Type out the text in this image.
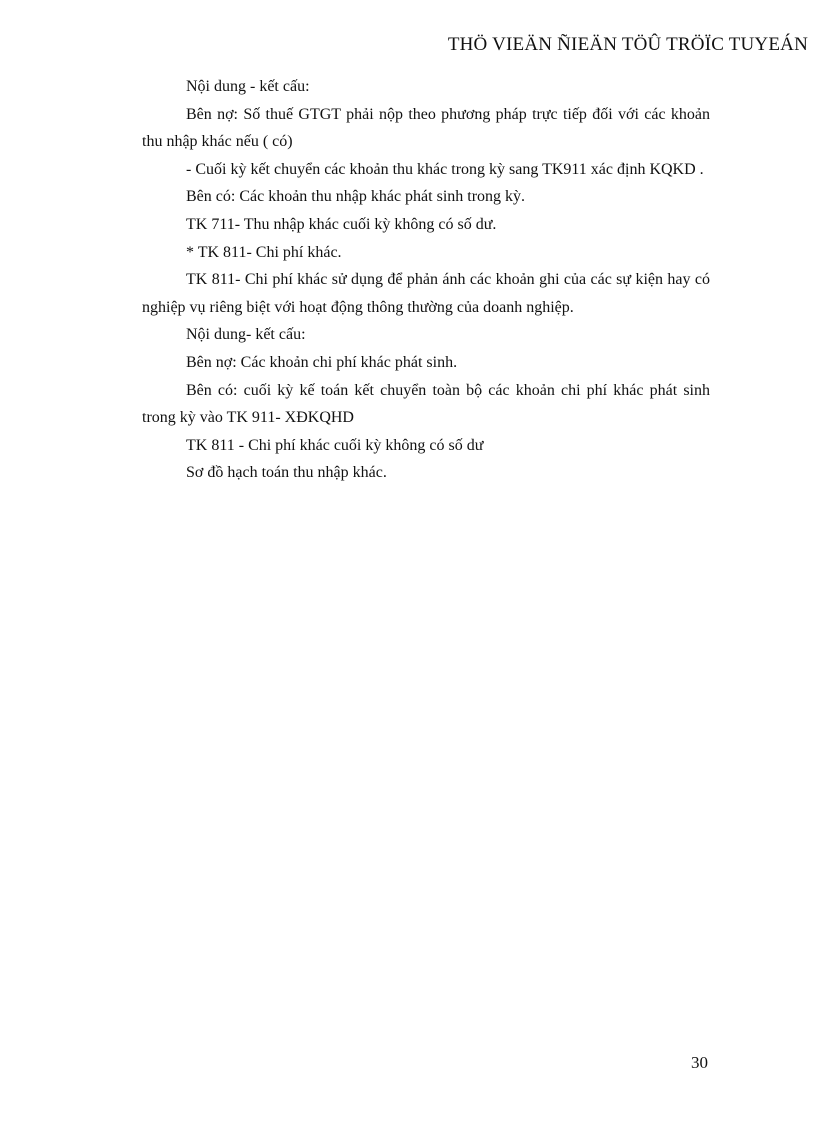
THÖ VIEÄN ÑIEÄN TÖÛ TRÖÏC TUYEÁN

Nội dung - kết cấu:

Bên nợ: Số thuế GTGT phải nộp theo phương pháp trực tiếp đối với các khoản thu nhập khác nếu ( có)

- Cuối kỳ kết chuyển các khoản thu khác trong kỳ sang TK911 xác định KQKD .

Bên có: Các khoản thu nhập khác phát sinh trong kỳ.

TK 711- Thu nhập khác cuối kỳ không có số dư.

* TK 811- Chi phí khác.

TK 811- Chi phí khác sử dụng để phản ánh các khoản ghi của các sự kiện hay có nghiệp vụ riêng biệt với hoạt động thông thường của doanh nghiệp.

Nội dung- kết cấu:

Bên nợ: Các khoản chi phí khác phát sinh.

Bên có: cuối kỳ kế toán kết chuyển toàn bộ các khoản chi phí khác phát sinh trong kỳ vào TK 911- XĐKQHD

TK 811 - Chi phí khác cuối kỳ không có số dư

Sơ đồ hạch toán thu nhập khác.

30
